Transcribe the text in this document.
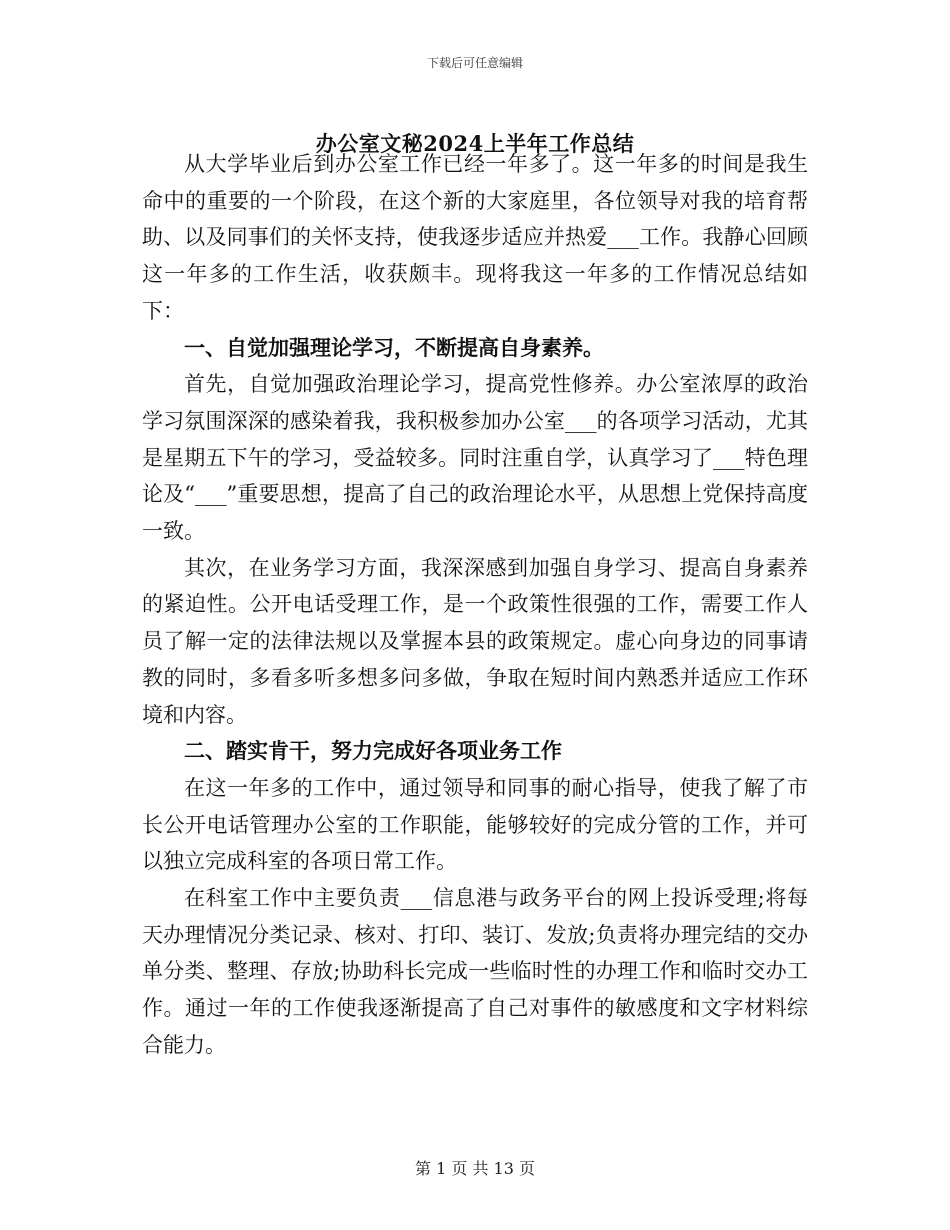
下载后可任意编辑
办公室文秘2024上半年工作总结

从大学毕业后到办公室工作已经一年多了。这一年多的时间是我生命中的重要的一个阶段，在这个新的大家庭里，各位领导对我的培育帮助、以及同事们的关怀支持，使我逐步适应并热爱___工作。我静心回顾这一年多的工作生活，收获颇丰。现将我这一年多的工作情况总结如下：

一、自觉加强理论学习，不断提高自身素养。

首先，自觉加强政治理论学习，提高党性修养。办公室浓厚的政治学习氛围深深的感染着我，我积极参加办公室___的各项学习活动，尤其是星期五下午的学习，受益较多。同时注重自学，认真学习了___特色理论及“___”重要思想，提高了自己的政治理论水平，从思想上党保持高度一致。

其次，在业务学习方面，我深深感到加强自身学习、提高自身素养的紧迫性。公开电话受理工作，是一个政策性很强的工作，需要工作人员了解一定的法律法规以及掌握本县的政策规定。虚心向身边的同事请教的同时，多看多听多想多问多做，争取在短时间内熟悉并适应工作环境和内容。

二、踏实肯干，努力完成好各项业务工作

在这一年多的工作中，通过领导和同事的耐心指导，使我了解了市长公开电话管理办公室的工作职能，能够较好的完成分管的工作，并可以独立完成科室的各项日常工作。

在科室工作中主要负责___信息港与政务平台的网上投诉受理;将每天办理情况分类记录、核对、打印、装订、发放;负责将办理完结的交办单分类、整理、存放;协助科长完成一些临时性的办理工作和临时交办工作。通过一年的工作使我逐渐提高了自己对事件的敏感度和文字材料综合能力。

第 1 页 共 13 页
